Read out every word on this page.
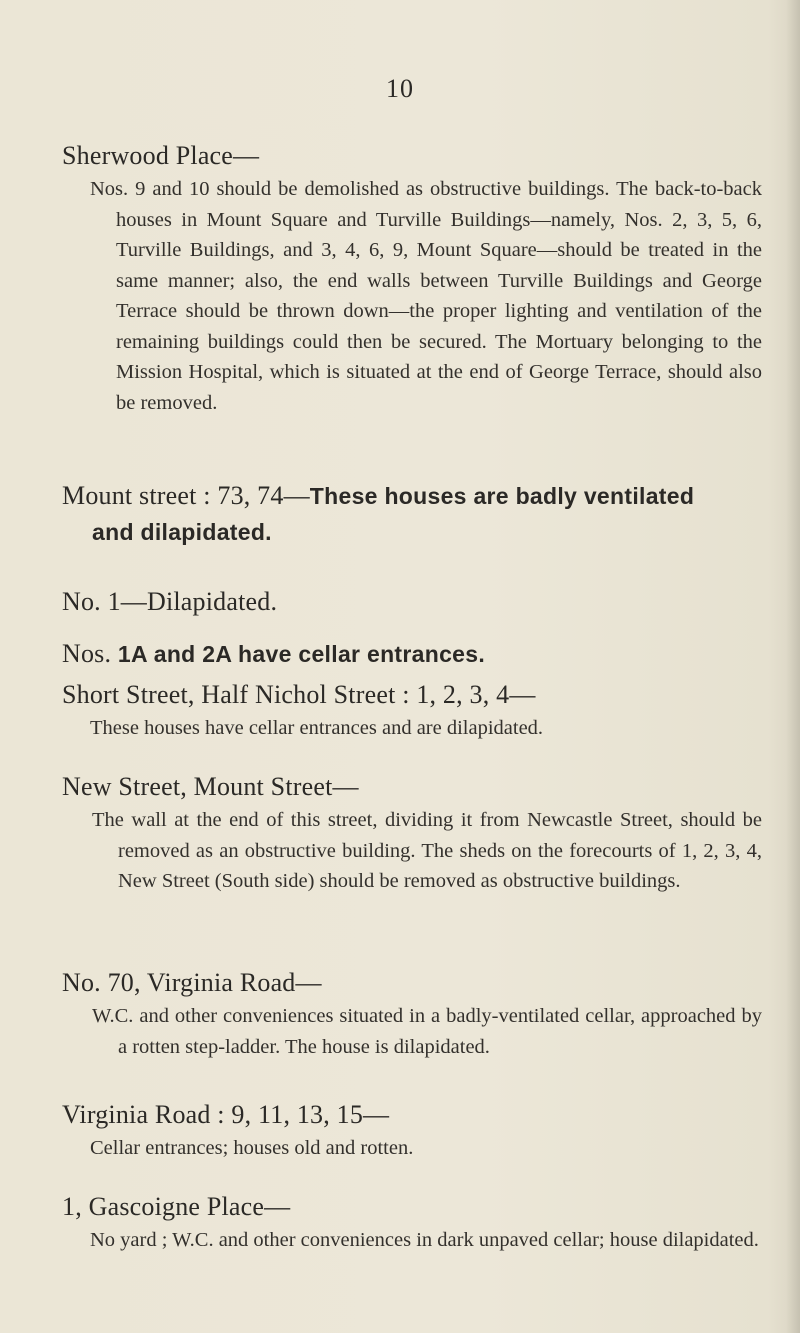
10
Sherwood Place—
Nos. 9 and 10 should be demolished as obstructive buildings. The back-to-back houses in Mount Square and Turville Buildings—namely, Nos. 2, 3, 5, 6, Turville Buildings, and 3, 4, 6, 9, Mount Square—should be treated in the same manner; also, the end walls between Turville Buildings and George Terrace should be thrown down—the proper lighting and ventilation of the remaining buildings could then be secured. The Mortuary belonging to the Mission Hospital, which is situated at the end of George Terrace, should also be removed.
Mount street : 73, 74—These houses are badly ventilated
and dilapidated.
No. 1—Dilapidated.
Nos. 1A and 2A have cellar entrances.
Short Street, Half Nichol Street : 1, 2, 3, 4—
These houses have cellar entrances and are dilapidated.
New Street, Mount Street—
The wall at the end of this street, dividing it from Newcastle Street, should be removed as an obstructive building. The sheds on the forecourts of 1, 2, 3, 4, New Street (South side) should be removed as obstructive buildings.
No. 70, Virginia Road—
W.C. and other conveniences situated in a badly-ventilated cellar, approached by a rotten step-ladder. The house is dilapidated.
Virginia Road : 9, 11, 13, 15—
Cellar entrances; houses old and rotten.
1, Gascoigne Place—
No yard ; W.C. and other conveniences in dark unpaved cellar; house dilapidated.
